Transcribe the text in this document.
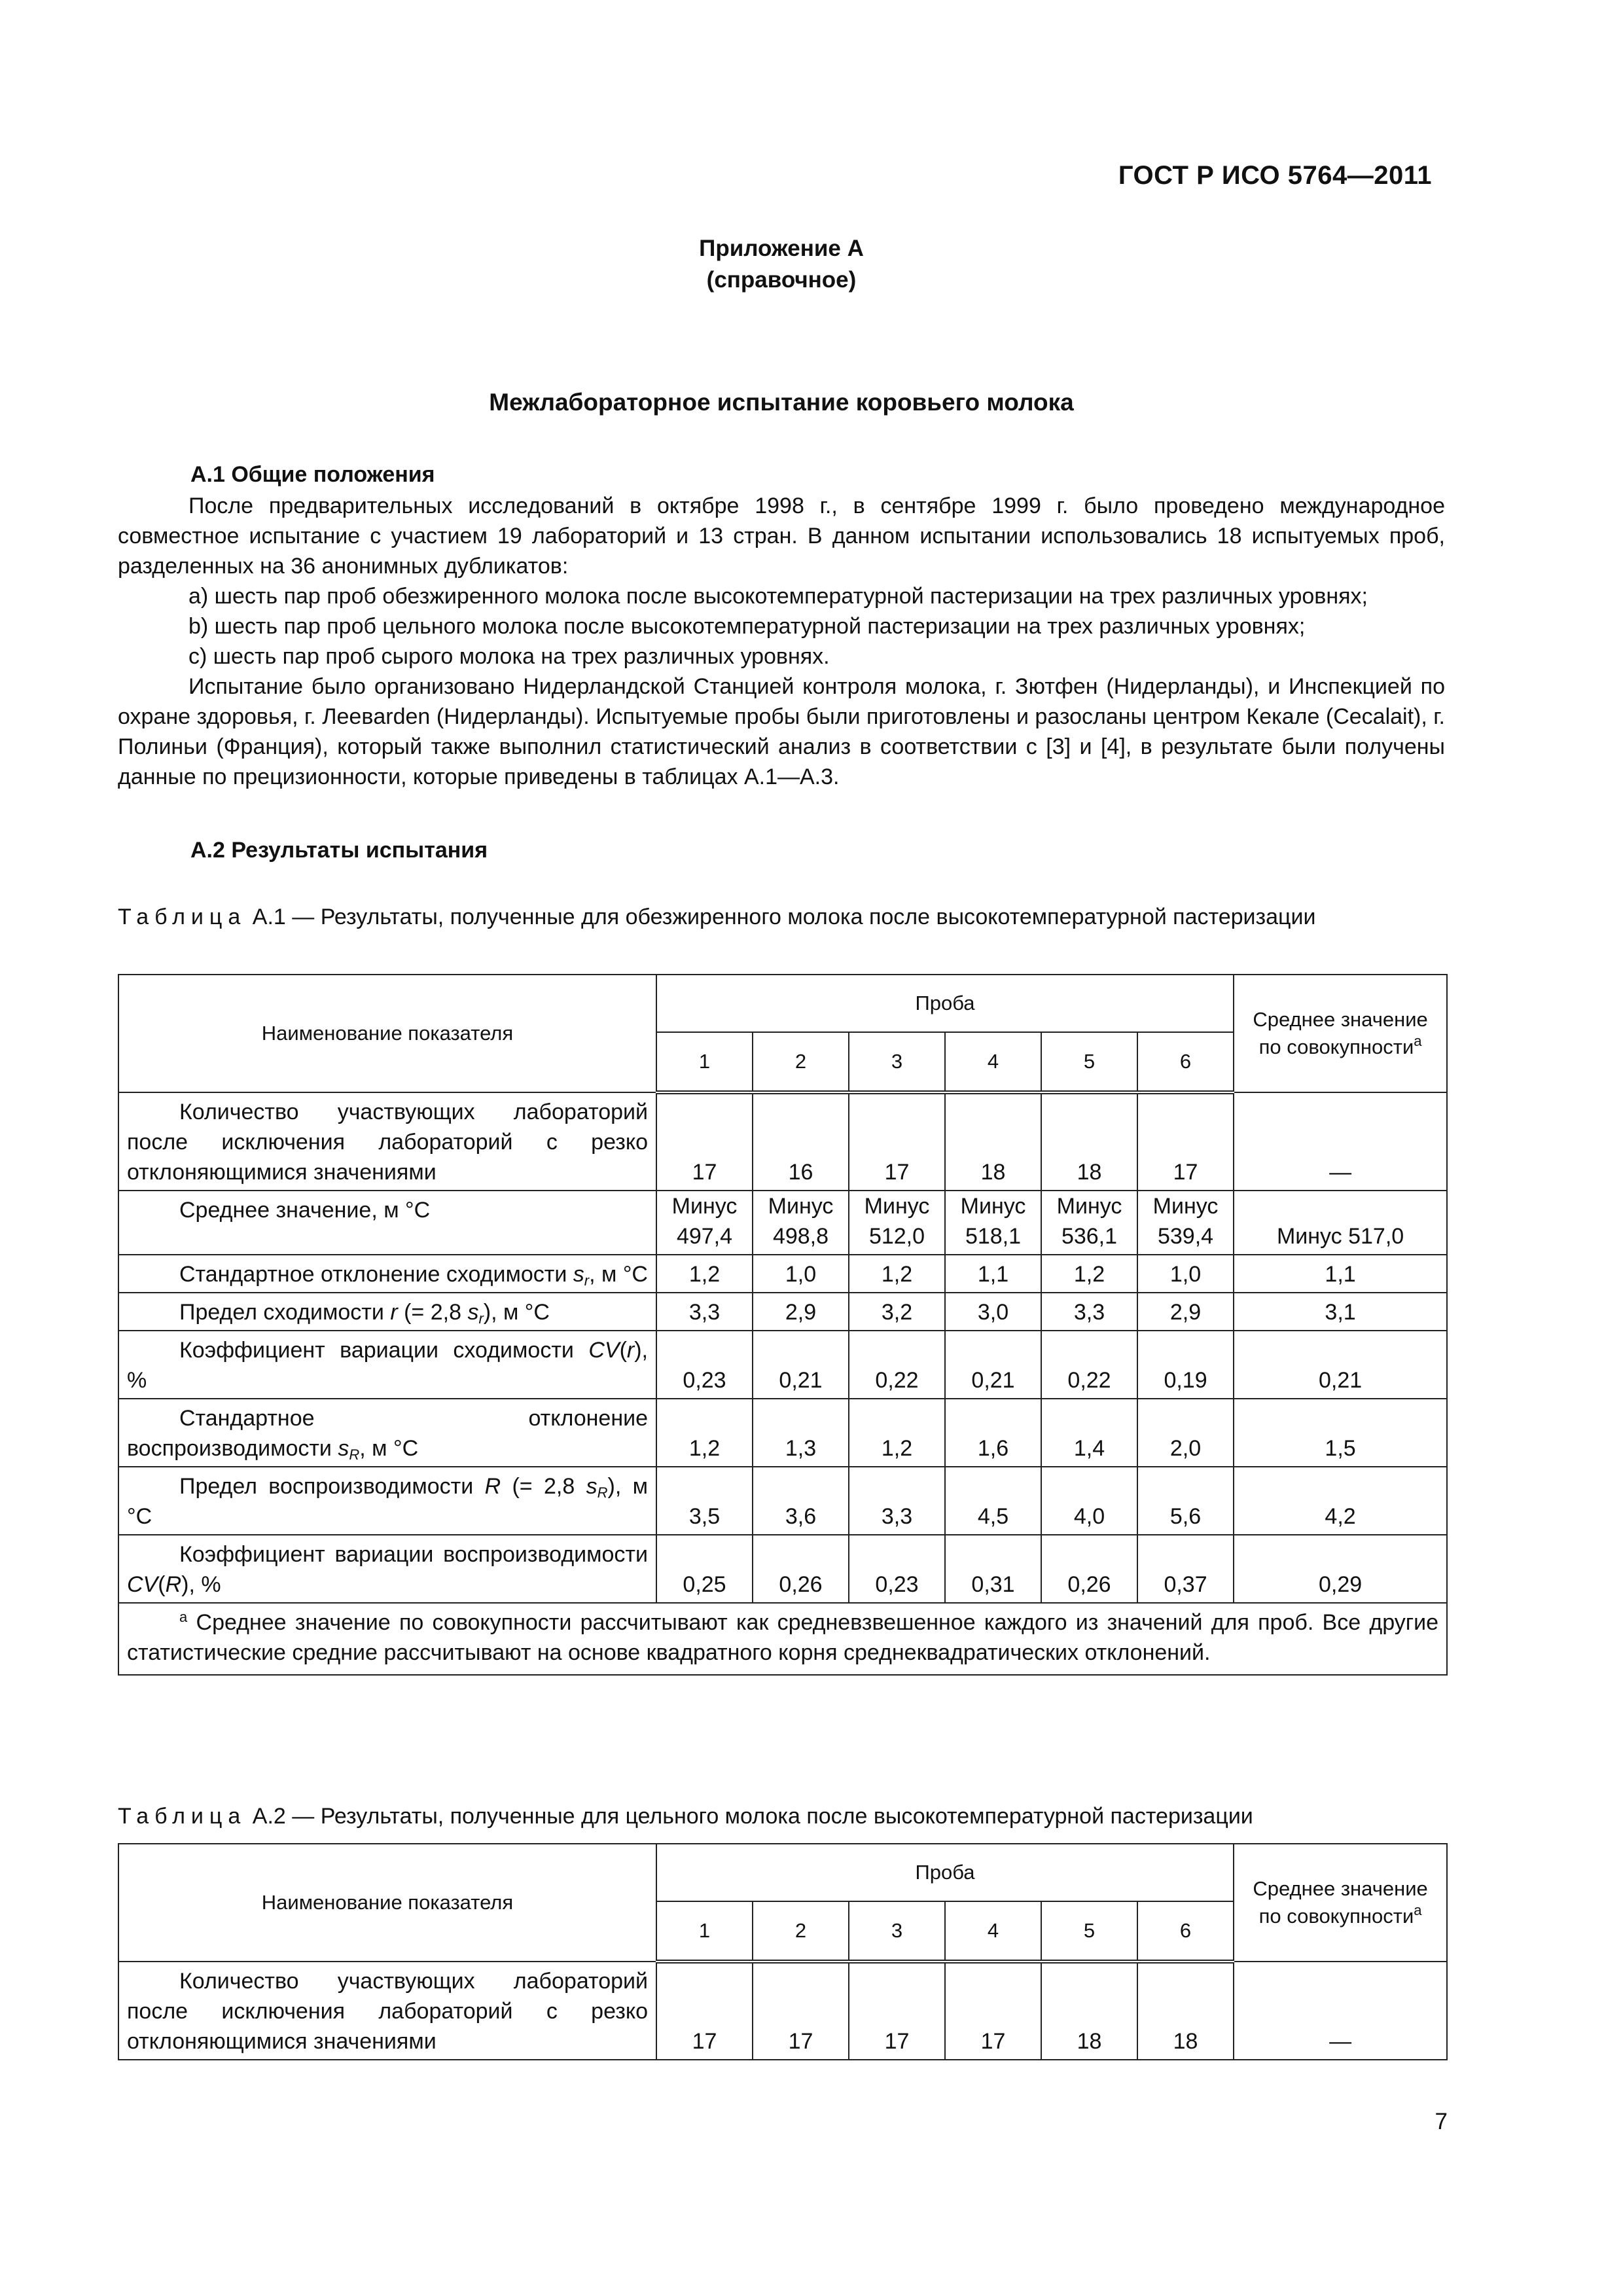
ГОСТ Р ИСО 5764—2011
Приложение А
(справочное)
Межлабораторное испытание коровьего молока
А.1 Общие положения

После предварительных исследований в октябре 1998 г., в сентябре 1999 г. было проведено международное совместное испытание с участием 19 лабораторий и 13 стран. В данном испытании использовались 18 испытуемых проб, разделенных на 36 анонимных дубликатов:

a) шесть пар проб обезжиренного молока после высокотемпературной пастеризации на трех различных уровнях;

b) шесть пар проб цельного молока после высокотемпературной пастеризации на трех различных уровнях;

c) шесть пар проб сырого молока на трех различных уровнях.

Испытание было организовано Нидерландской Станцией контроля молока, г. Зютфен (Нидерланды), и Инспекцией по охране здоровья, г. Леевarden (Нидерланды). Испытуемые пробы были приготовлены и разосланы центром Кекале (Cecalait), г. Полиньи (Франция), который также выполнил статистический анализ в соответствии с [3] и [4], в результате были получены данные по прецизионности, которые приведены в таблицах А.1—А.3.

А.2 Результаты испытания
Таблица А.1 — Результаты, полученные для обезжиренного молока после высокотемпературной пастеризации
Наименование показателя	Проба						Среднее значение по совокупности$^a$
	1	2	3	4	5	6	

Количество участвующих лабораторий после исключения лабораторий с резко отклоняющимися значениями	17	16	17	18	18	17	—

Среднее значение, м °С	Минус 497,4	Минус 498,8	Минус 512,0	Минус 518,1	Минус 536,1	Минус 539,4	Минус 517,0

Стандартное отклонение сходимости $s_r$, м °С	1,2	1,0	1,2	1,1	1,2	1,0	1,1

Предел сходимости r (= 2,8 $s_r$), м °С	3,3	2,9	3,2	3,0	3,3	2,9	3,1

Коэффициент вариации сходимости CV(r), %	0,23	0,21	0,22	0,21	0,22	0,19	0,21

Стандартное отклонение воспроизводимости $s_R$, м °С	1,2	1,3	1,2	1,6	1,4	2,0	1,5

Предел воспроизводимости R (= 2,8 $s_R$), м °С	3,5	3,6	3,3	4,5	4,0	5,6	4,2

Коэффициент вариации воспроизводимости CV(R), %	0,25	0,26	0,23	0,31	0,26	0,37	0,29

$^a$ Среднее значение по совокупности рассчитывают как средневзвешенное каждого из значений для проб. Все другие статистические средние рассчитывают на основе квадратного корня среднеквадратических отклонений.							

Таблица А.2 — Результаты, полученные для цельного молока после высокотемпературной пастеризации
Наименование показателя	Проба						Среднее значение по совокупности$^a$
	1	2	3	4	5	6	

Количество участвующих лабораторий после исключения лабораторий с резко отклоняющимися значениями	17	17	17	17	18	18	—
7
